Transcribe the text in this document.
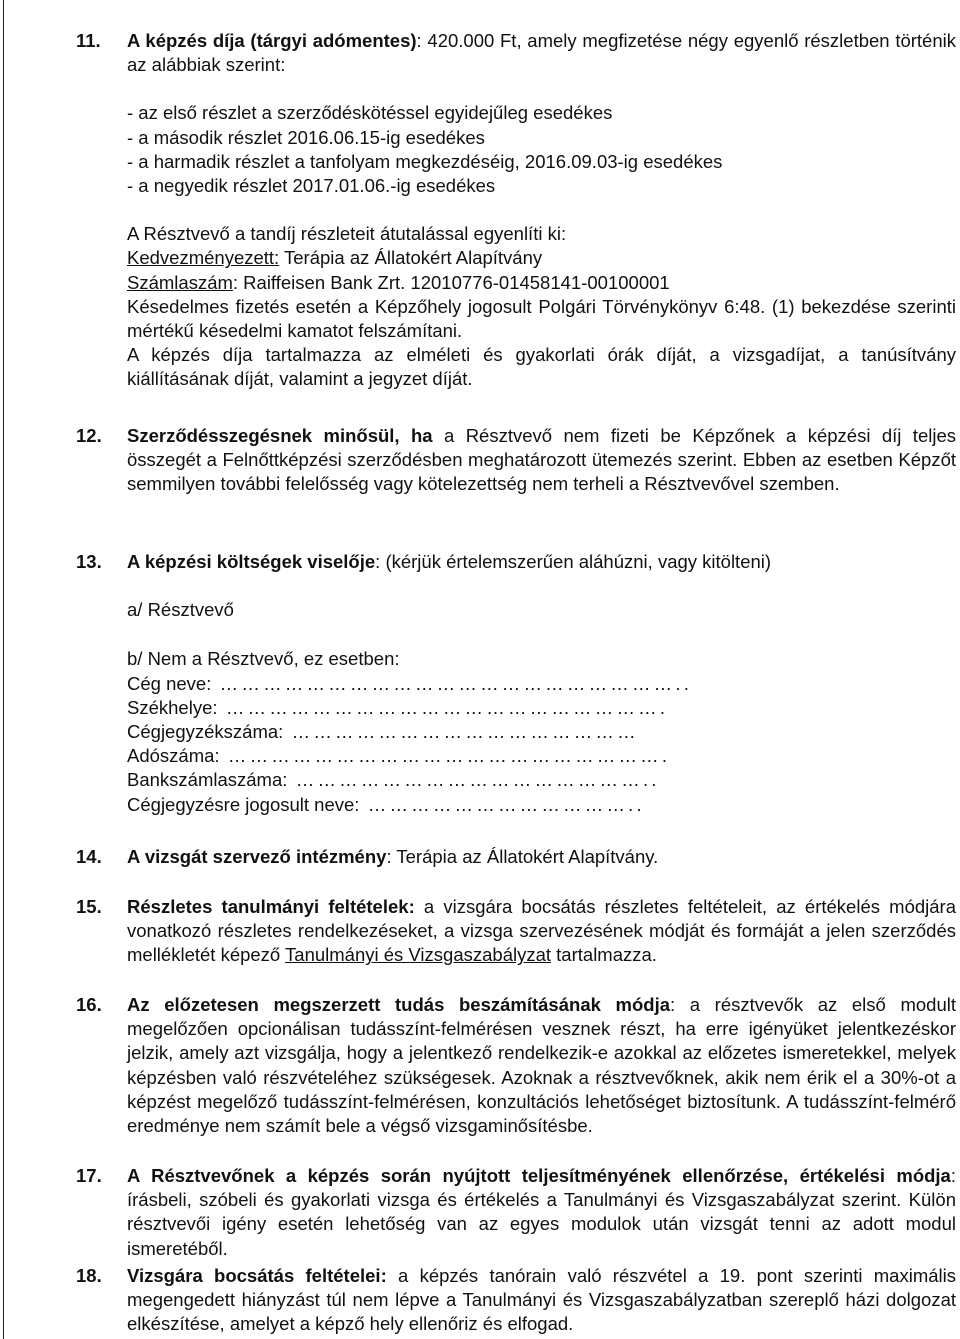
11. A képzés díja (tárgyi adómentes): 420.000 Ft, amely megfizetése négy egyenlő részletben történik az alábbiak szerint:
- az első részlet a szerződéskötéssel egyidejűleg esedékes
- a második részlet 2016.06.15-ig esedékes
- a harmadik részlet a tanfolyam megkezdéséig, 2016.09.03-ig esedékes
- a negyedik részlet 2017.01.06.-ig esedékes
A Résztvevő a tandíj részleteit átutalással egyenlíti ki:
Kedvezményezett: Terápia az Állatokért Alapítvány
Számlaszám: Raiffeisen Bank Zrt. 12010776-01458141-00100001
Késedelmes fizetés esetén a Képzőhely jogosult Polgári Törvénykönyv 6:48. (1) bekezdése szerinti mértékű késedelmi kamatot felszámítani.
A képzés díja tartalmazza az elméleti és gyakorlati órák díját, a vizsgadíjat, a tanúsítvány kiállításának díját, valamint a jegyzet díját.
12. Szerződésszegésnek minősül, ha a Résztvevő nem fizeti be Képzőnek a képzési díj teljes összegét a Felnőttképzési szerződésben meghatározott ütemezés szerint. Ebben az esetben Képzőt semmilyen további felelősség vagy kötelezettség nem terheli a Résztvevővel szemben.
13. A képzési költségek viselője: (kérjük értelemszerűen aláhúzni, vagy kitölteni)
a/ Résztvevő
b/ Nem a Résztvevő, ez esetben:
Cég neve: ………………………………………………………..
Székhelye: …………………………………………………….
Cégjegyzékszáma: …………………………………………
Adószáma: …………………………………………………….
Bankszámlaszáma: …………………………………………..
Cégjegyzésre jogosult neve: ………………………………..
14. A vizsgát szervező intézmény: Terápia az Állatokért Alapítvány.
15. Részletes tanulmányi feltételek: a vizsgára bocsátás részletes feltételeit, az értékelés módjára vonatkozó részletes rendelkezéseket, a vizsga szervezésének módját és formáját a jelen szerződés mellékletét képező Tanulmányi és Vizsgaszabályzat tartalmazza.
16. Az előzetesen megszerzett tudás beszámításának módja: a résztvevők az első modult megelőzően opcionálisan tudásszínt-felmérésen vesznek részt, ha erre igényüket jelentkezéskor jelzik, amely azt vizsgálja, hogy a jelentkező rendelkezik-e azokkal az előzetes ismeretekkel, melyek képzésben való részvételéhez szükségesek. Azoknak a résztvevőknek, akik nem érik el a 30%-ot a képzést megelőző tudásszínt-felmérésen, konzultációs lehetőséget biztosítunk. A tudásszínt-felmérő eredménye nem számít bele a végső vizsgaminősítésbe.
17. A Résztvevőnek a képzés során nyújtott teljesítményének ellenőrzése, értékelési módja: írásbeli, szóbeli és gyakorlati vizsga és értékelés a Tanulmányi és Vizsgaszabályzat szerint. Külön résztvevői igény esetén lehetőség van az egyes modulok után vizsgát tenni az adott modul ismeretéből.
18. Vizsgára bocsátás feltételei: a képzés tanórain való részvétel a 19. pont szerinti maximális megengedett hiányzást túl nem lépve a Tanulmányi és Vizsgaszabályzatban szereplő házi dolgozat elkészítése, amelyet a képző hely ellenőriz és elfogad.
